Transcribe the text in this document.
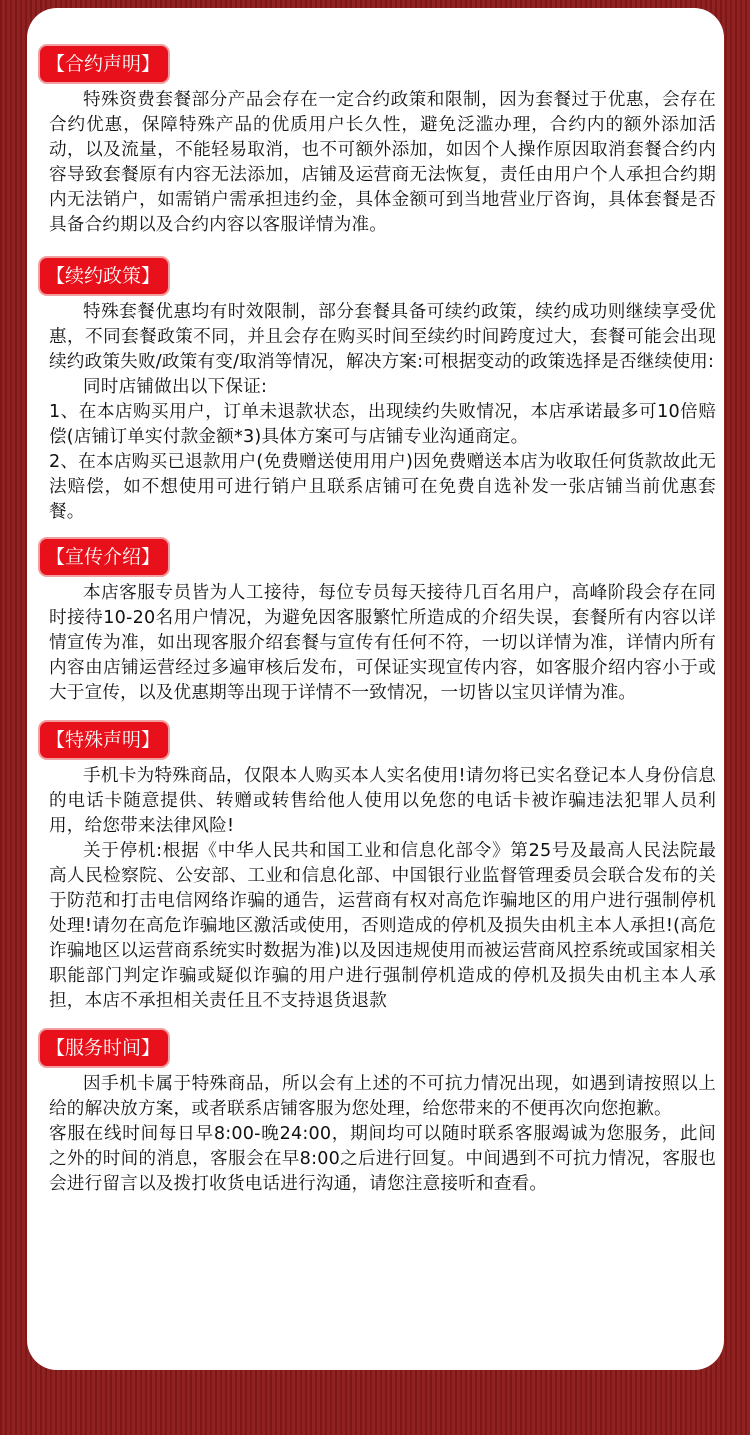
【合约声明】

特殊资费套餐部分产品会存在一定合约政策和限制，因为套餐过于优惠，会存在合约优惠，保障特殊产品的优质用户长久性，避免泛滥办理，合约内的额外添加活动，以及流量，不能轻易取消，也不可额外添加，如因个人操作原因取消套餐合约内容导致套餐原有内容无法添加，店铺及运营商无法恢复，责任由用户个人承担合约期内无法销户，如需销户需承担违约金，具体金额可到当地营业厅咨询，具体套餐是否具备合约期以及合约内容以客服详情为准。

【续约政策】

特殊套餐优惠均有时效限制，部分套餐具备可续约政策，续约成功则继续享受优惠，不同套餐政策不同，并且会存在购买时间至续约时间跨度过大，套餐可能会出现续约政策失败/政策有变/取消等情况，解决方案:可根据变动的政策选择是否继续使用:

同时店铺做出以下保证:

1、在本店购买用户，订单未退款状态，出现续约失败情况，本店承诺最多可10倍赔偿(店铺订单实付款金额*3)具体方案可与店铺专业沟通商定。

2、在本店购买已退款用户(免费赠送使用用户)因免费赠送本店为收取任何货款故此无法赔偿，如不想使用可进行销户且联系店铺可在免费自选补发一张店铺当前优惠套餐。

【宣传介绍】

本店客服专员皆为人工接待，每位专员每天接待几百名用户，高峰阶段会存在同时接待10-20名用户情况，为避免因客服繁忙所造成的介绍失误，套餐所有内容以详情宣传为准，如出现客服介绍套餐与宣传有任何不符，一切以详情为准，详情内所有内容由店铺运营经过多遍审核后发布，可保证实现宣传内容，如客服介绍内容小于或大于宣传，以及优惠期等出现于详情不一致情况，一切皆以宝贝详情为准。

【特殊声明】

手机卡为特殊商品，仅限本人购买本人实名使用!请勿将已实名登记本人身份信息的电话卡随意提供、转赠或转售给他人使用以免您的电话卡被诈骗违法犯罪人员利用，给您带来法律风险!

关于停机:根据《中华人民共和国工业和信息化部令》第25号及最高人民法院最高人民检察院、公安部、工业和信息化部、中国银行业监督管理委员会联合发布的关于防范和打击电信网络诈骗的通告，运营商有权对高危诈骗地区的用户进行强制停机处理!请勿在高危诈骗地区激活或使用，否则造成的停机及损失由机主本人承担!(高危诈骗地区以运营商系统实时数据为准)以及因违规使用而被运营商风控系统或国家相关职能部门判定诈骗或疑似诈骗的用户进行强制停机造成的停机及损失由机主本人承担，本店不承担相关责任且不支持退货退款

【服务时间】

因手机卡属于特殊商品，所以会有上述的不可抗力情况出现，如遇到请按照以上给的解决放方案，或者联系店铺客服为您处理，给您带来的不便再次向您抱歉。

客服在线时间每日早8:00-晚24:00，期间均可以随时联系客服竭诚为您服务，此间之外的时间的消息，客服会在早8:00之后进行回复。中间遇到不可抗力情况，客服也会进行留言以及拨打收货电话进行沟通，请您注意接听和查看。
